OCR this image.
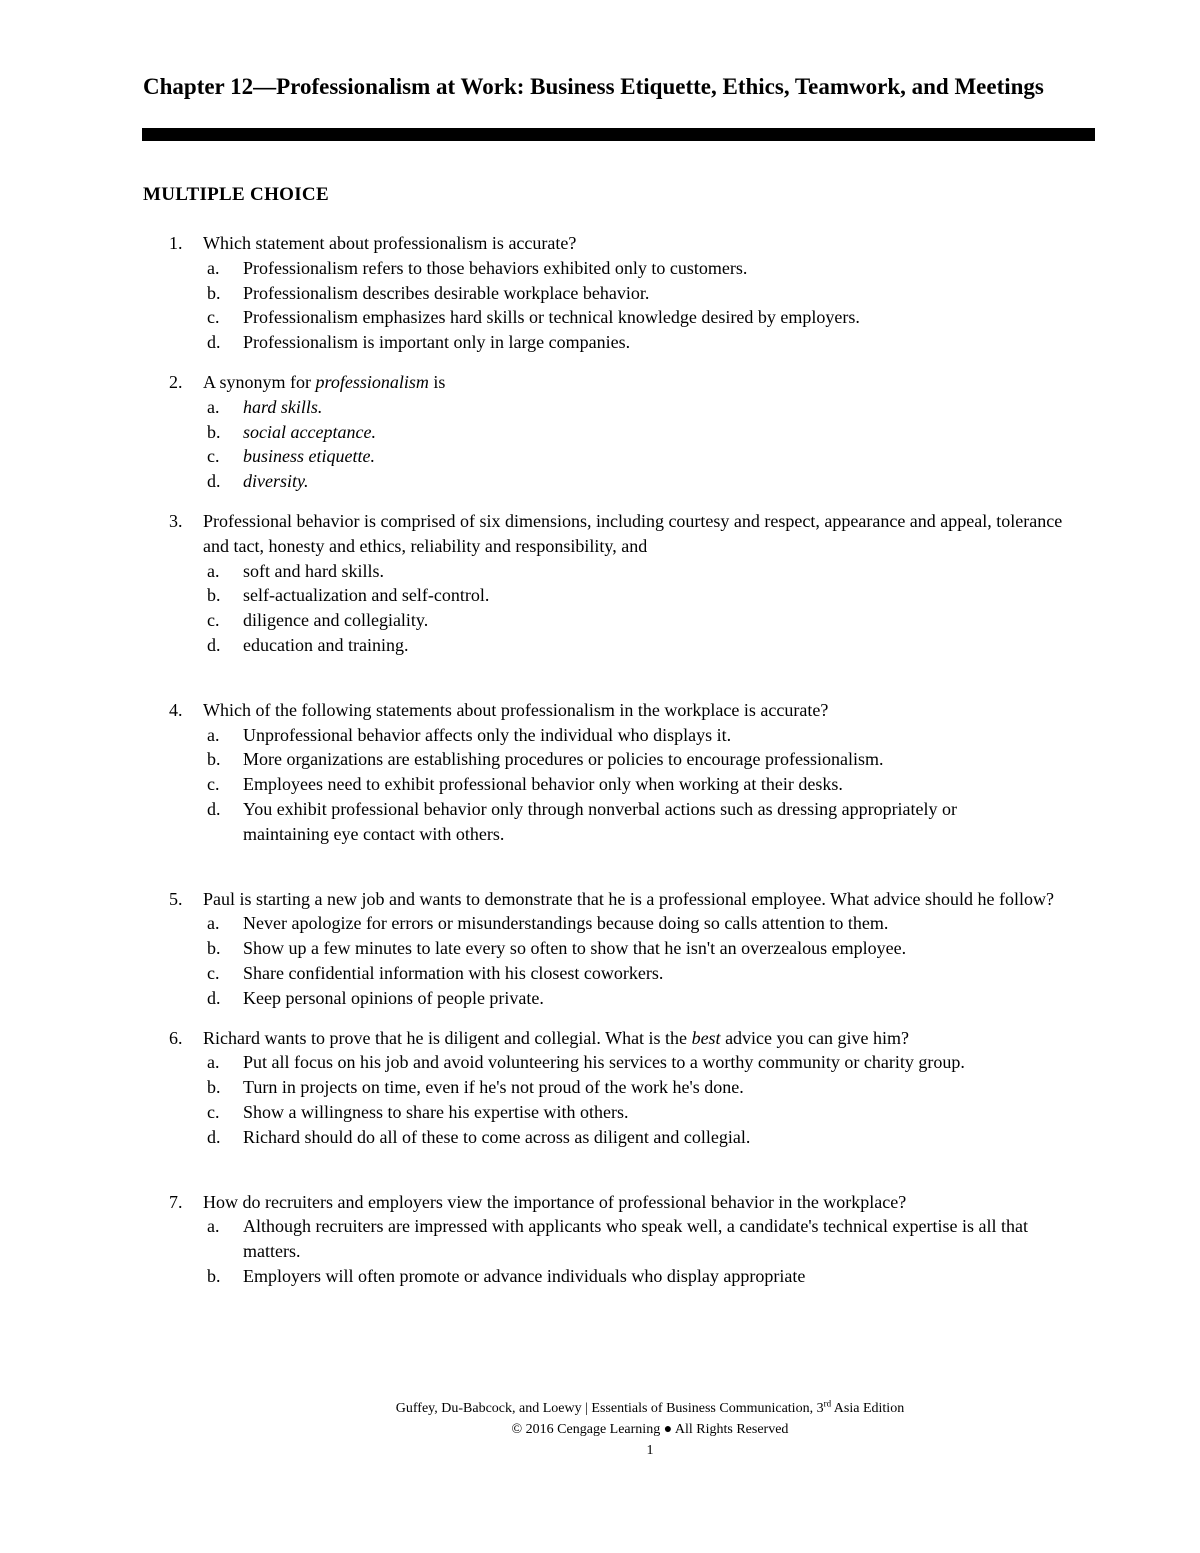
Chapter 12—Professionalism at Work: Business Etiquette, Ethics, Teamwork, and Meetings
MULTIPLE CHOICE
1. Which statement about professionalism is accurate?
a. Professionalism refers to those behaviors exhibited only to customers.
b. Professionalism describes desirable workplace behavior.
c. Professionalism emphasizes hard skills or technical knowledge desired by employers.
d. Professionalism is important only in large companies.
2. A synonym for professionalism is
a. hard skills.
b. social acceptance.
c. business etiquette.
d. diversity.
3. Professional behavior is comprised of six dimensions, including courtesy and respect, appearance and appeal, tolerance and tact, honesty and ethics, reliability and responsibility, and
a. soft and hard skills.
b. self-actualization and self-control.
c. diligence and collegiality.
d. education and training.
4. Which of the following statements about professionalism in the workplace is accurate?
a. Unprofessional behavior affects only the individual who displays it.
b. More organizations are establishing procedures or policies to encourage professionalism.
c. Employees need to exhibit professional behavior only when working at their desks.
d. You exhibit professional behavior only through nonverbal actions such as dressing appropriately or maintaining eye contact with others.
5. Paul is starting a new job and wants to demonstrate that he is a professional employee. What advice should he follow?
a. Never apologize for errors or misunderstandings because doing so calls attention to them.
b. Show up a few minutes to late every so often to show that he isn't an overzealous employee.
c. Share confidential information with his closest coworkers.
d. Keep personal opinions of people private.
6. Richard wants to prove that he is diligent and collegial. What is the best advice you can give him?
a. Put all focus on his job and avoid volunteering his services to a worthy community or charity group.
b. Turn in projects on time, even if he's not proud of the work he's done.
c. Show a willingness to share his expertise with others.
d. Richard should do all of these to come across as diligent and collegial.
7. How do recruiters and employers view the importance of professional behavior in the workplace?
a. Although recruiters are impressed with applicants who speak well, a candidate's technical expertise is all that matters.
b. Employers will often promote or advance individuals who display appropriate

Guffey, Du-Babcock, and Loewy | Essentials of Business Communication, 3rd Asia Edition

© 2016 Cengage Learning ● All Rights Reserved

1
